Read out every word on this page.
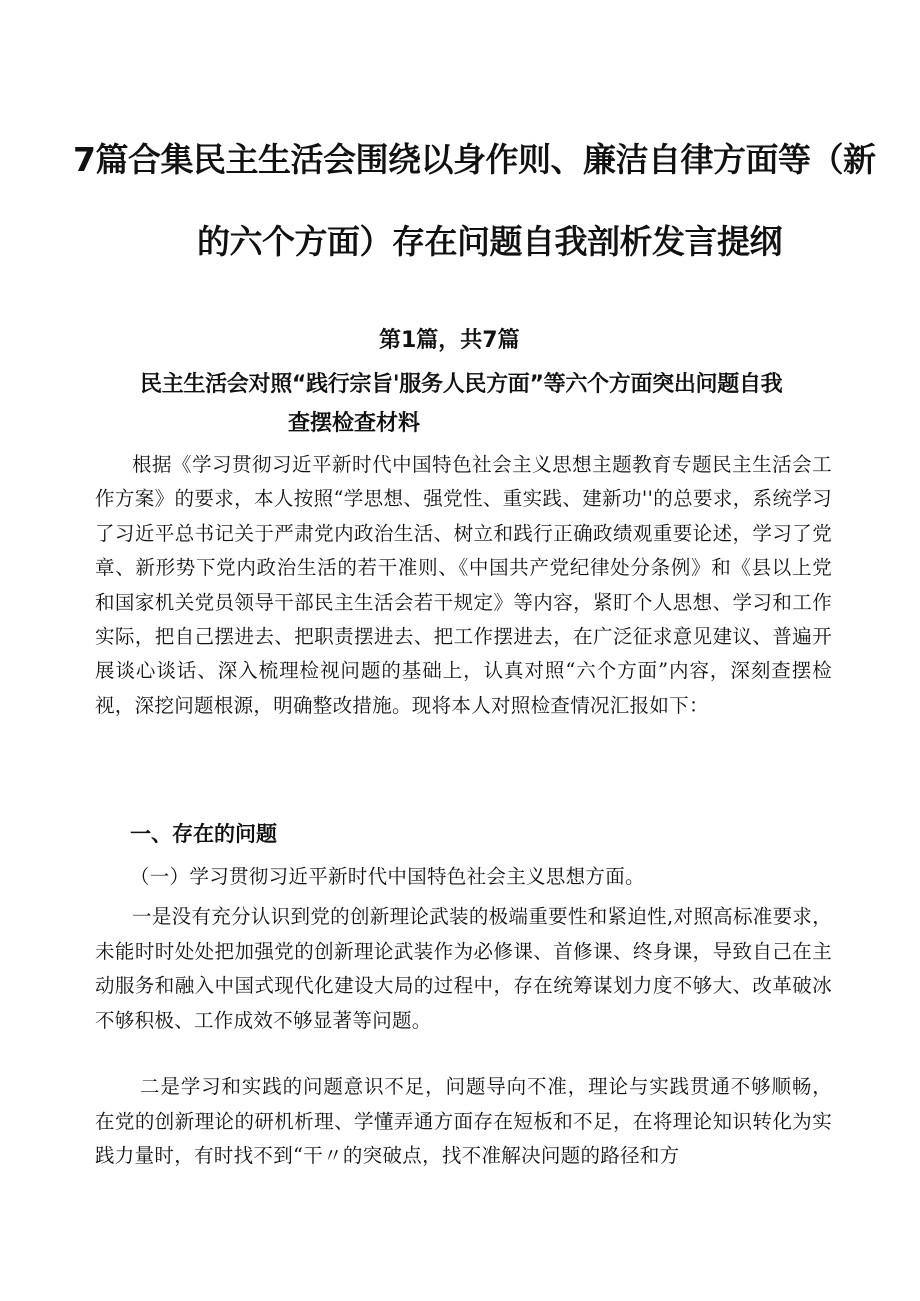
7篇合集民主生活会围绕以身作则、廉洁自律方面等（新
的六个方面）存在问题自我剖析发言提纲
第1篇，共7篇
民主生活会对照“践行宗旨'服务人民方面”等六个方面突出问题自我
查摆检查材料
根据《学习贯彻习近平新时代中国特色社会主义思想主题教育专题民主生活会工作方案》的要求，本人按照“学思想、强党性、重实践、建新功''的总要求，系统学习了习近平总书记关于严肃党内政治生活、树立和践行正确政绩观重要论述，学习了党章、新形势下党内政治生活的若干准则、《中国共产党纪律处分条例》和《县以上党和国家机关党员领导干部民主生活会若干规定》等内容，紧盯个人思想、学习和工作实际，把自己摆进去、把职责摆进去、把工作摆进去，在广泛征求意见建议、普遍开展谈心谈话、深入梳理检视问题的基础上，认真对照“六个方面”内容，深刻查摆检视，深挖问题根源，明确整改措施。现将本人对照检查情况汇报如下：
一、存在的问题
（一）学习贯彻习近平新时代中国特色社会主义思想方面。
一是没有充分认识到党的创新理论武装的极端重要性和紧迫性,对照高标准要求，未能时时处处把加强党的创新理论武装作为必修课、首修课、终身课，导致自己在主动服务和融入中国式现代化建设大局的过程中，存在统筹谋划力度不够大、改革破冰不够积极、工作成效不够显著等问题。
二是学习和实践的问题意识不足，问题导向不准，理论与实践贯通不够顺畅，在党的创新理论的研机析理、学懂弄通方面存在短板和不足，在将理论知识转化为实践力量时，有时找不到“干〃的突破点，找不准解决问题的路径和方
